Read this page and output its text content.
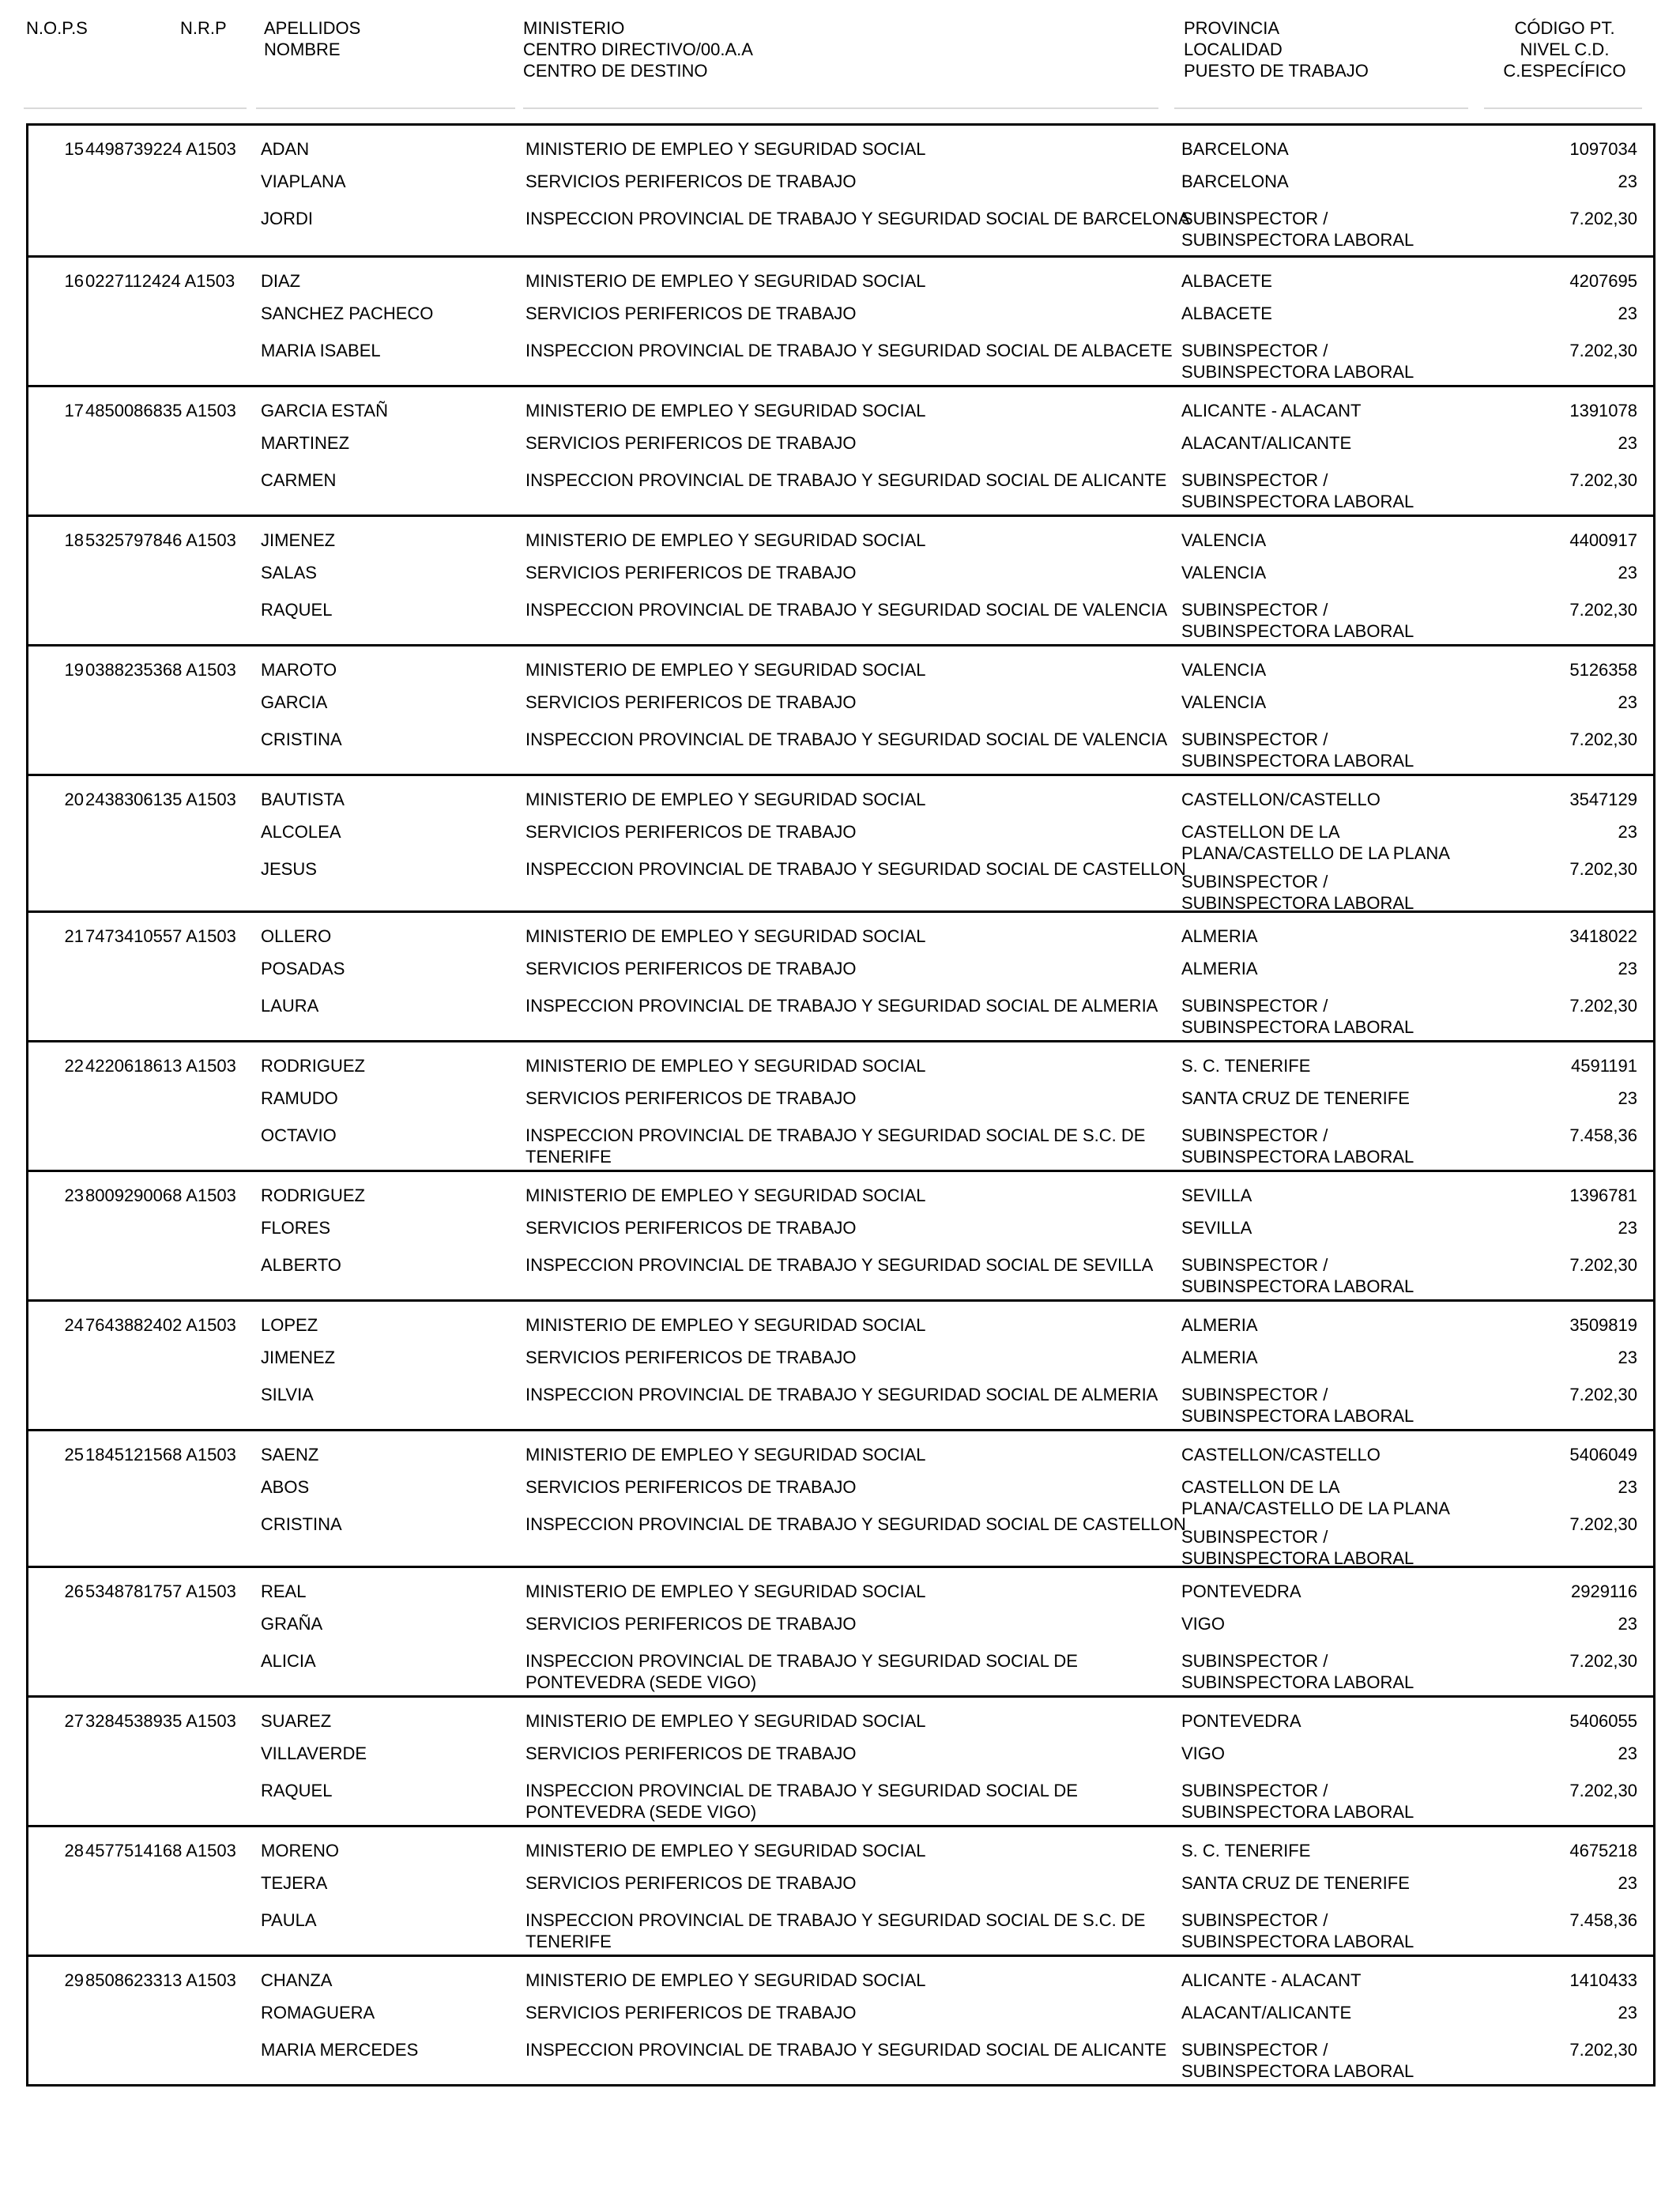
N.O.P.S	N.R.P APELLIDOS
NOMBRE
MINISTERIO
CENTRO DIRECTIVO/00.A.A
CENTRO DE DESTINO
PROVINCIA
LOCALIDAD
PUESTO DE TRABAJO
CÓDIGO PT.
NIVEL C.D.
C.ESPECÍFICO
15 4498739224 A1503 ADAN
VIAPLANA
JORDI
MINISTERIO DE EMPLEO Y SEGURIDAD SOCIAL
SERVICIOS PERIFERICOS DE TRABAJO
INSPECCION PROVINCIAL DE TRABAJO Y SEGURIDAD SOCIAL DE BARCELONA
BARCELONA
BARCELONA
SUBINSPECTOR / SUBINSPECTORA LABORAL
1097034
23
7.202,30
16 0227112424 A1503 DIAZ
SANCHEZ PACHECO
MARIA ISABEL
MINISTERIO DE EMPLEO Y SEGURIDAD SOCIAL
SERVICIOS PERIFERICOS DE TRABAJO
INSPECCION PROVINCIAL DE TRABAJO Y SEGURIDAD SOCIAL DE ALBACETE
ALBACETE
ALBACETE
SUBINSPECTOR / SUBINSPECTORA LABORAL
4207695
23
7.202,30
17 4850086835 A1503 GARCIA ESTAÑ
MARTINEZ
CARMEN
MINISTERIO DE EMPLEO Y SEGURIDAD SOCIAL
SERVICIOS PERIFERICOS DE TRABAJO
INSPECCION PROVINCIAL DE TRABAJO Y SEGURIDAD SOCIAL DE ALICANTE
ALICANTE - ALACANT
ALACANT/ALICANTE
SUBINSPECTOR / SUBINSPECTORA LABORAL
1391078
23
7.202,30
18 5325797846 A1503 JIMENEZ
SALAS
RAQUEL
MINISTERIO DE EMPLEO Y SEGURIDAD SOCIAL
SERVICIOS PERIFERICOS DE TRABAJO
INSPECCION PROVINCIAL DE TRABAJO Y SEGURIDAD SOCIAL DE VALENCIA
VALENCIA
VALENCIA
SUBINSPECTOR / SUBINSPECTORA LABORAL
4400917
23
7.202,30
19 0388235368 A1503 MAROTO
GARCIA
CRISTINA
MINISTERIO DE EMPLEO Y SEGURIDAD SOCIAL
SERVICIOS PERIFERICOS DE TRABAJO
INSPECCION PROVINCIAL DE TRABAJO Y SEGURIDAD SOCIAL DE VALENCIA
VALENCIA
VALENCIA
SUBINSPECTOR / SUBINSPECTORA LABORAL
5126358
23
7.202,30
20 2438306135 A1503 BAUTISTA
ALCOLEA
JESUS
MINISTERIO DE EMPLEO Y SEGURIDAD SOCIAL
SERVICIOS PERIFERICOS DE TRABAJO
INSPECCION PROVINCIAL DE TRABAJO Y SEGURIDAD SOCIAL DE CASTELLON
CASTELLON/CASTELLO
CASTELLON DE LA PLANA/CASTELLO DE LA PLANA
SUBINSPECTOR / SUBINSPECTORA LABORAL
3547129
23
7.202,30
21 7473410557 A1503 OLLERO
POSADAS
LAURA
MINISTERIO DE EMPLEO Y SEGURIDAD SOCIAL
SERVICIOS PERIFERICOS DE TRABAJO
INSPECCION PROVINCIAL DE TRABAJO Y SEGURIDAD SOCIAL DE ALMERIA
ALMERIA
ALMERIA
SUBINSPECTOR / SUBINSPECTORA LABORAL
3418022
23
7.202,30
22 4220618613 A1503 RODRIGUEZ
RAMUDO
OCTAVIO
MINISTERIO DE EMPLEO Y SEGURIDAD SOCIAL
SERVICIOS PERIFERICOS DE TRABAJO
INSPECCION PROVINCIAL DE TRABAJO Y SEGURIDAD SOCIAL DE S.C. DE TENERIFE
S. C. TENERIFE
SANTA CRUZ DE TENERIFE
SUBINSPECTOR / SUBINSPECTORA LABORAL
4591191
23
7.458,36
23 8009290068 A1503 RODRIGUEZ
FLORES
ALBERTO
MINISTERIO DE EMPLEO Y SEGURIDAD SOCIAL
SERVICIOS PERIFERICOS DE TRABAJO
INSPECCION PROVINCIAL DE TRABAJO Y SEGURIDAD SOCIAL DE SEVILLA
SEVILLA
SEVILLA
SUBINSPECTOR / SUBINSPECTORA LABORAL
1396781
23
7.202,30
24 7643882402 A1503 LOPEZ
JIMENEZ
SILVIA
MINISTERIO DE EMPLEO Y SEGURIDAD SOCIAL
SERVICIOS PERIFERICOS DE TRABAJO
INSPECCION PROVINCIAL DE TRABAJO Y SEGURIDAD SOCIAL DE ALMERIA
ALMERIA
ALMERIA
SUBINSPECTOR / SUBINSPECTORA LABORAL
3509819
23
7.202,30
25 1845121568 A1503 SAENZ
ABOS
CRISTINA
MINISTERIO DE EMPLEO Y SEGURIDAD SOCIAL
SERVICIOS PERIFERICOS DE TRABAJO
INSPECCION PROVINCIAL DE TRABAJO Y SEGURIDAD SOCIAL DE CASTELLON
CASTELLON/CASTELLO
CASTELLON DE LA PLANA/CASTELLO DE LA PLANA
SUBINSPECTOR / SUBINSPECTORA LABORAL
5406049
23
7.202,30
26 5348781757 A1503 REAL
GRAÑA
ALICIA
MINISTERIO DE EMPLEO Y SEGURIDAD SOCIAL
SERVICIOS PERIFERICOS DE TRABAJO
INSPECCION PROVINCIAL DE TRABAJO Y SEGURIDAD SOCIAL DE PONTEVEDRA (SEDE VIGO)
PONTEVEDRA
VIGO
SUBINSPECTOR / SUBINSPECTORA LABORAL
2929116
23
7.202,30
27 3284538935 A1503 SUAREZ
VILLAVERDE
RAQUEL
MINISTERIO DE EMPLEO Y SEGURIDAD SOCIAL
SERVICIOS PERIFERICOS DE TRABAJO
INSPECCION PROVINCIAL DE TRABAJO Y SEGURIDAD SOCIAL DE PONTEVEDRA (SEDE VIGO)
PONTEVEDRA
VIGO
SUBINSPECTOR / SUBINSPECTORA LABORAL
5406055
23
7.202,30
28 4577514168 A1503 MORENO
TEJERA
PAULA
MINISTERIO DE EMPLEO Y SEGURIDAD SOCIAL
SERVICIOS PERIFERICOS DE TRABAJO
INSPECCION PROVINCIAL DE TRABAJO Y SEGURIDAD SOCIAL DE S.C. DE TENERIFE
S. C. TENERIFE
SANTA CRUZ DE TENERIFE
SUBINSPECTOR / SUBINSPECTORA LABORAL
4675218
23
7.458,36
29 8508623313 A1503 CHANZA
ROMAGUERA
MARIA MERCEDES
MINISTERIO DE EMPLEO Y SEGURIDAD SOCIAL
SERVICIOS PERIFERICOS DE TRABAJO
INSPECCION PROVINCIAL DE TRABAJO Y SEGURIDAD SOCIAL DE ALICANTE
ALICANTE - ALACANT
ALACANT/ALICANTE
SUBINSPECTOR / SUBINSPECTORA LABORAL
1410433
23
7.202,30
